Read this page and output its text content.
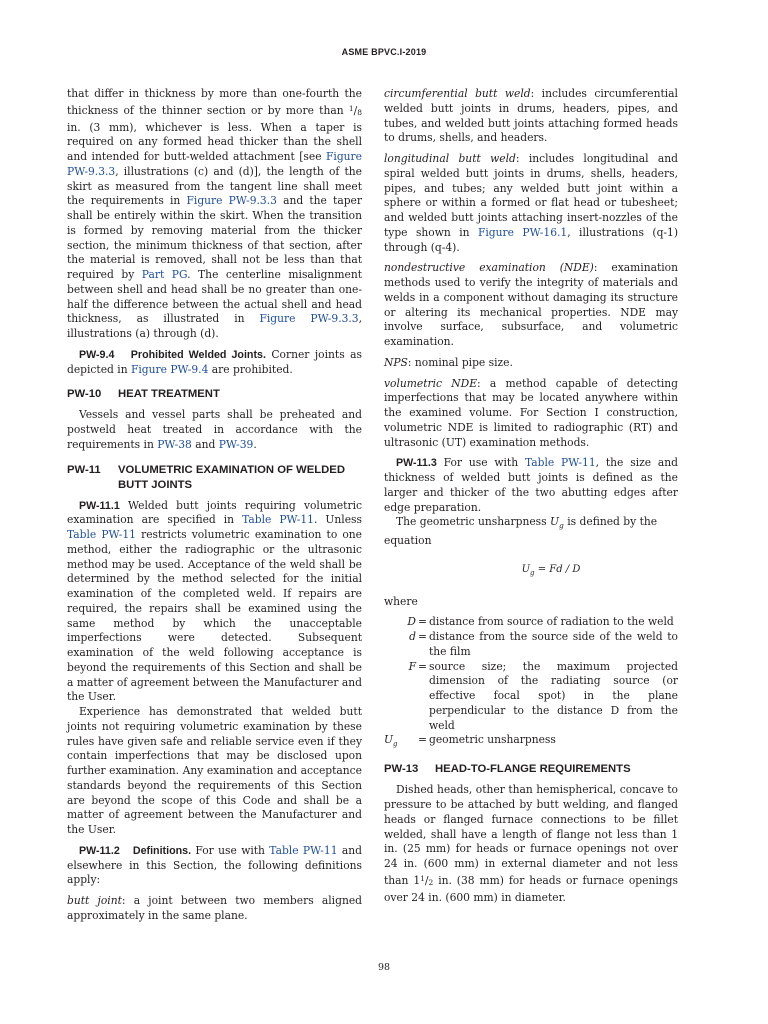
ASME BPVC.I-2019

that differ in thickness by more than one-fourth the thickness of the thinner section or by more than $^1$/8 in. (3 mm), whichever is less. When a taper is required on any formed head thicker than the shell and intended for butt-welded attachment [see Figure PW-9.3.3, illustrations (c) and (d)], the length of the skirt as measured from the tangent line shall meet the requirements in Figure PW-9.3.3 and the taper shall be entirely within the skirt. When the transition is formed by removing material from the thicker section, the minimum thickness of that section, after the material is removed, shall not be less than that required by Part PG. The centerline misalignment between shell and head shall be no greater than one-half the difference between the actual shell and head thickness, as illustrated in Figure PW-9.3.3, illustrations (a) through (d).

PW-9.4 Prohibited Welded Joints. Corner joints as depicted in Figure PW-9.4 are prohibited.

PW-10 HEAT TREATMENT

Vessels and vessel parts shall be preheated and postweld heat treated in accordance with the requirements in PW-38 and PW-39.

PW-11	VOLUMETRIC EXAMINATION OF WELDED BUTT JOINTS

PW-11.1 Welded butt joints requiring volumetric examination are specified in Table PW-11. Unless Table PW-11 restricts volumetric examination to one method, either the radiographic or the ultrasonic method may be used. Acceptance of the weld shall be determined by the method selected for the initial examination of the completed weld. If repairs are required, the repairs shall be examined using the same method by which the unacceptable imperfections were detected. Subsequent examination of the weld following acceptance is beyond the requirements of this Section and shall be a matter of agreement between the Manufacturer and the User.

Experience has demonstrated that welded butt joints not requiring volumetric examination by these rules have given safe and reliable service even if they contain imperfections that may be disclosed upon further examination. Any examination and acceptance standards beyond the requirements of this Section are beyond the scope of this Code and shall be a matter of agreement between the Manufacturer and the User.

PW-11.2 Definitions. For use with Table PW-11 and elsewhere in this Section, the following definitions apply:

butt joint: a joint between two members aligned approximately in the same plane.

circumferential butt weld: includes circumferential welded butt joints in drums, headers, pipes, and tubes, and welded butt joints attaching formed heads to drums, shells, and headers.

longitudinal butt weld: includes longitudinal and spiral welded butt joints in drums, shells, headers, pipes, and tubes; any welded butt joint within a sphere or within a formed or flat head or tubesheet; and welded butt joints attaching insert-nozzles of the type shown in Figure PW-16.1, illustrations (q-1) through (q-4).

nondestructive examination (NDE): examination methods used to verify the integrity of materials and welds in a component without damaging its structure or altering its mechanical properties. NDE may involve surface, subsurface, and volumetric examination.

NPS: nominal pipe size.

volumetric NDE: a method capable of detecting imperfections that may be located anywhere within the examined volume. For Section I construction, volumetric NDE is limited to radiographic (RT) and ultrasonic (UT) examination methods.

PW-11.3 For use with Table PW-11, the size and thickness of welded butt joints is defined as the larger and thicker of the two abutting edges after edge preparation.

The geometric unsharpness $U_g$ is defined by the equation

$U_g = Fd / D$

where

D = distance from source of radiation to the weld
d = distance from the source side of the weld to the film
F = source size; the maximum projected dimension of the radiating source (or effective focal spot) in the plane perpendicular to the distance D from the weld
$U_g$	= geometric unsharpness
PW-13 HEAD-TO-FLANGE REQUIREMENTS

Dished heads, other than hemispherical, concave to pressure to be attached by butt welding, and flanged heads or flanged furnace connections to be fillet welded, shall have a length of flange not less than 1 in. (25 mm) for heads or furnace openings not over 24 in. (600 mm) in external diameter and not less than $1^1/2$ in. (38 mm) for heads or furnace openings over 24 in. (600 mm) in diameter.

98
